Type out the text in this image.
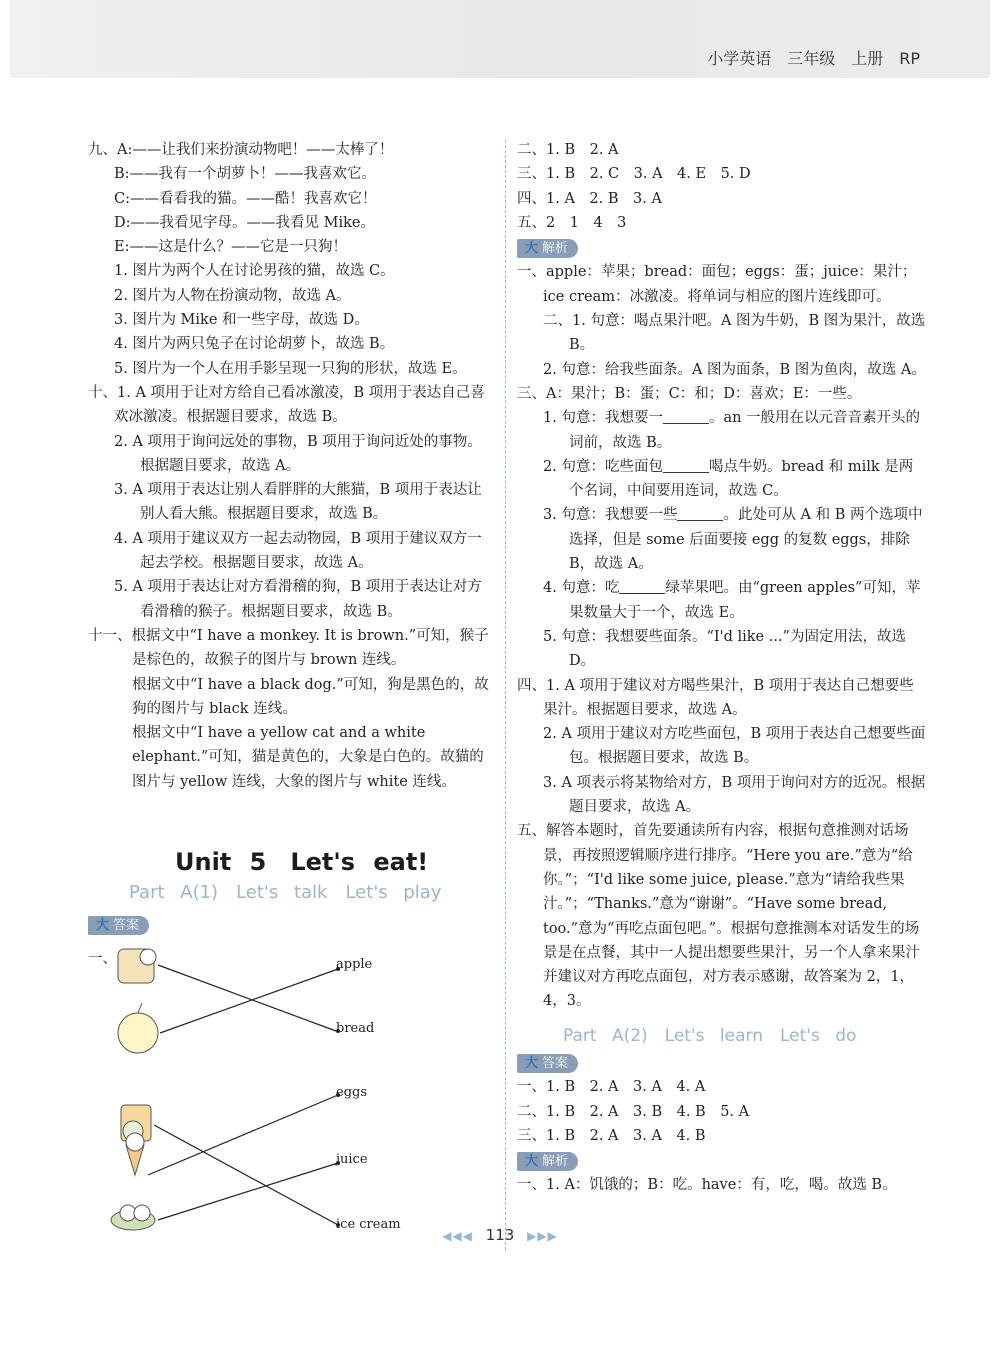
小学英语　三年级　上册　RP

九、A:——让我们来扮演动物吧！——太棒了！

B:——我有一个胡萝卜！——我喜欢它。

C:——看看我的猫。——酷！我喜欢它！

D:——我看见字母。——我看见 Mike。

E:——这是什么？——它是一只狗！

1. 图片为两个人在讨论男孩的猫，故选 C。

2. 图片为人物在扮演动物，故选 A。

3. 图片为 Mike 和一些字母，故选 D。

4. 图片为两只兔子在讨论胡萝卜，故选 B。

5. 图片为一个人在用手影呈现一只狗的形状，故选 E。

十、1. A 项用于让对方给自己看冰激凌，B 项用于表达自己喜欢冰激凌。根据题目要求，故选 B。

2. A 项用于询问远处的事物，B 项用于询问近处的事物。根据题目要求，故选 A。

3. A 项用于表达让别人看胖胖的大熊猫，B 项用于表达让别人看大熊。根据题目要求，故选 B。

4. A 项用于建议双方一起去动物园，B 项用于建议双方一起去学校。根据题目要求，故选 A。

5. A 项用于表达让对方看滑稽的狗，B 项用于表达让对方看滑稽的猴子。根据题目要求，故选 B。

十一、根据文中“I have a monkey. It is brown.”可知，猴子是棕色的，故猴子的图片与 brown 连线。

根据文中“I have a black dog.”可知，狗是黑色的，故狗的图片与 black 连线。

根据文中“I have a yellow cat and a white elephant.”可知，猫是黄色的，大象是白色的。故猫的图片与 yellow 连线，大象的图片与 white 连线。

Unit 5　Let's eat!
Part A(1)　Let's talk　Let's play
大 答案
一、	apple
bread
eggs
juice
ice cream

二、1. B　2. A

三、1. B　2. C　3. A　4. E　5. D

四、1. A　2. B　3. A

五、2　1　4　3

大 解析

一、apple：苹果；bread：面包；eggs：蛋；juice：果汁；ice cream：冰激凌。将单词与相应的图片连线即可。

二、1. 句意：喝点果汁吧。A 图为牛奶，B 图为果汁，故选 B。

2. 句意：给我些面条。A 图为面条，B 图为鱼肉，故选 A。

三、A：果汁；B：蛋；C：和；D：喜欢；E：一些。

1. 句意：我想要一	。an 一般用在以元音音素开头的词前，故选 B。

2. 句意：吃些面包	喝点牛奶。bread 和 milk 是两个名词，中间要用连词，故选 C。

3. 句意：我想要一些	。此处可从 A 和 B 两个选项中选择，但是 some 后面要接 egg 的复数 eggs，排除 B，故选 A。

4. 句意：吃	绿苹果吧。由“green apples”可知，苹果数量大于一个，故选 E。

5. 句意：我想要些面条。“I'd like ...”为固定用法，故选 D。

四、1. A 项用于建议对方喝些果汁，B 项用于表达自己想要些果汁。根据题目要求，故选 A。

2. A 项用于建议对方吃些面包，B 项用于表达自己想要些面包。根据题目要求，故选 B。

3. A 项表示将某物给对方，B 项用于询问对方的近况。根据题目要求，故选 A。

五、解答本题时，首先要通读所有内容，根据句意推测对话场景，再按照逻辑顺序进行排序。“Here you are.”意为“给你。”；“I'd like some juice, please.”意为“请给我些果汁。”；“Thanks.”意为“谢谢”。“Have some bread, too.”意为“再吃点面包吧。”。根据句意推测本对话发生的场景是在点餐，其中一人提出想要些果汁，另一个人拿来果汁并建议对方再吃点面包，对方表示感谢，故答案为 2，1，4，3。

Part A(2)　Let's learn　Let's do
大 答案

一、1. B　2. A　3. A　4. A

二、1. B　2. A　3. B　4. B　5. A

三、1. B　2. A　3. A　4. B

大 解析

一、1. A：饥饿的；B：吃。have：有，吃，喝。故选 B。

◀◀◀ 113 ▶▶▶
